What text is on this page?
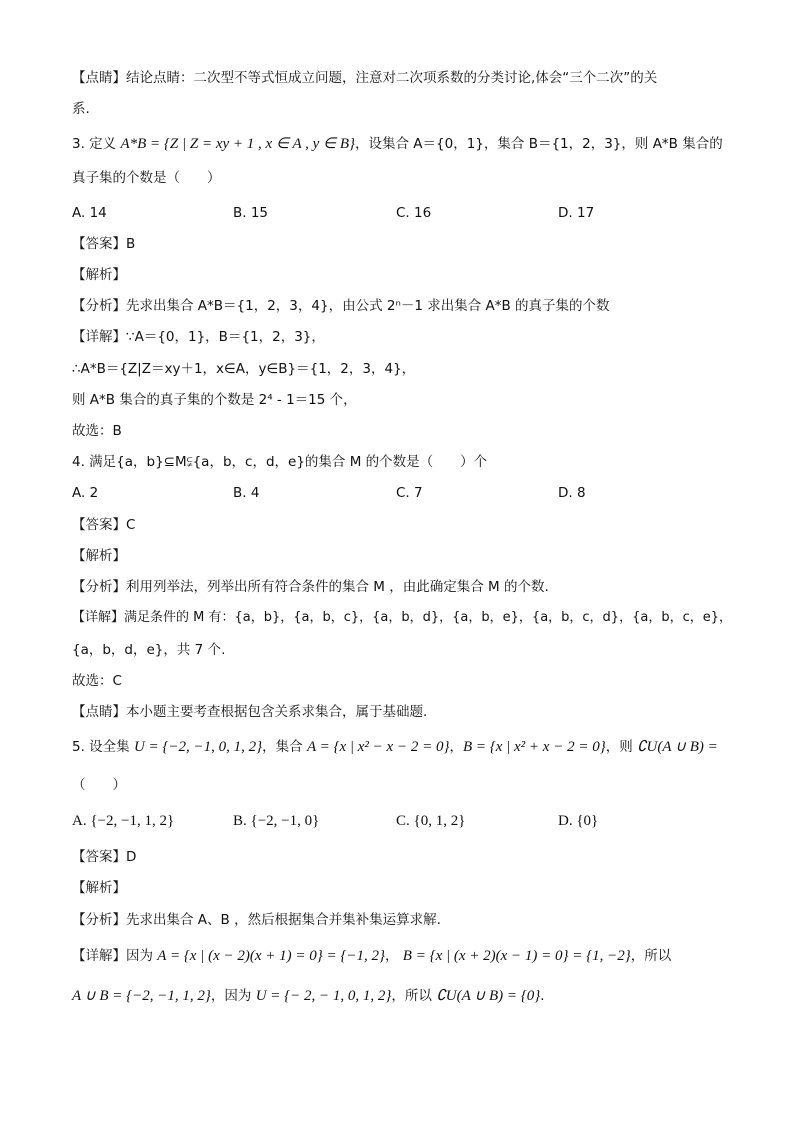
【点睛】结论点睛：二次型不等式恒成立问题，注意对二次项系数的分类讨论,体会“三个二次”的关
系.
3. 定义 A*B = {Z | Z = xy + 1 , x ∈ A , y ∈ B}，设集合 A＝{0，1}，集合 B＝{1，2，3}，则 A*B 集合的
真子集的个数是（　　）
A. 14	B. 15	C. 16	D. 17
【答案】B
【解析】
【分析】先求出集合 A*B＝{1，2，3，4}，由公式 2ⁿ－1 求出集合 A*B 的真子集的个数
【详解】∵A＝{0，1}，B＝{1，2，3}，
∴A*B＝{Z|Z＝xy＋1，x∈A，y∈B}＝{1，2，3，4}，
则 A*B 集合的真子集的个数是 2⁴ - 1＝15 个，
故选：B
4. 满足{a，b}⊆M⫋{a，b，c，d，e}的集合 M 的个数是（　　）个
A. 2	B. 4	C. 7	D. 8
【答案】C
【解析】
【分析】利用列举法，列举出所有符合条件的集合 M ，由此确定集合 M 的个数.
【详解】满足条件的 M 有：{a，b}，{a，b，c}，{a，b，d}，{a，b，e}，{a，b，c，d}，{a，b，c，e}，
{a，b，d，e}，共 7 个.
故选：C
【点睛】本小题主要考查根据包含关系求集合，属于基础题.
5. 设全集 U = {−2, −1, 0, 1, 2}，集合 A = {x | x² − x − 2 = 0}，B = {x | x² + x − 2 = 0}，则 ∁U(A ∪ B) =
（　　）
A. {−2, −1, 1, 2}	B. {−2, −1, 0}	C. {0, 1, 2}	D. {0}
【答案】D
【解析】
【分析】先求出集合 A、B ，然后根据集合并集补集运算求解.
【详解】因为 A = {x | (x − 2)(x + 1) = 0} = {−1, 2}， B = {x | (x + 2)(x − 1) = 0} = {1, −2}，所以
A ∪ B = {−2, −1, 1, 2}，因为 U = {− 2, − 1, 0, 1, 2}，所以 ∁U(A ∪ B) = {0}.
